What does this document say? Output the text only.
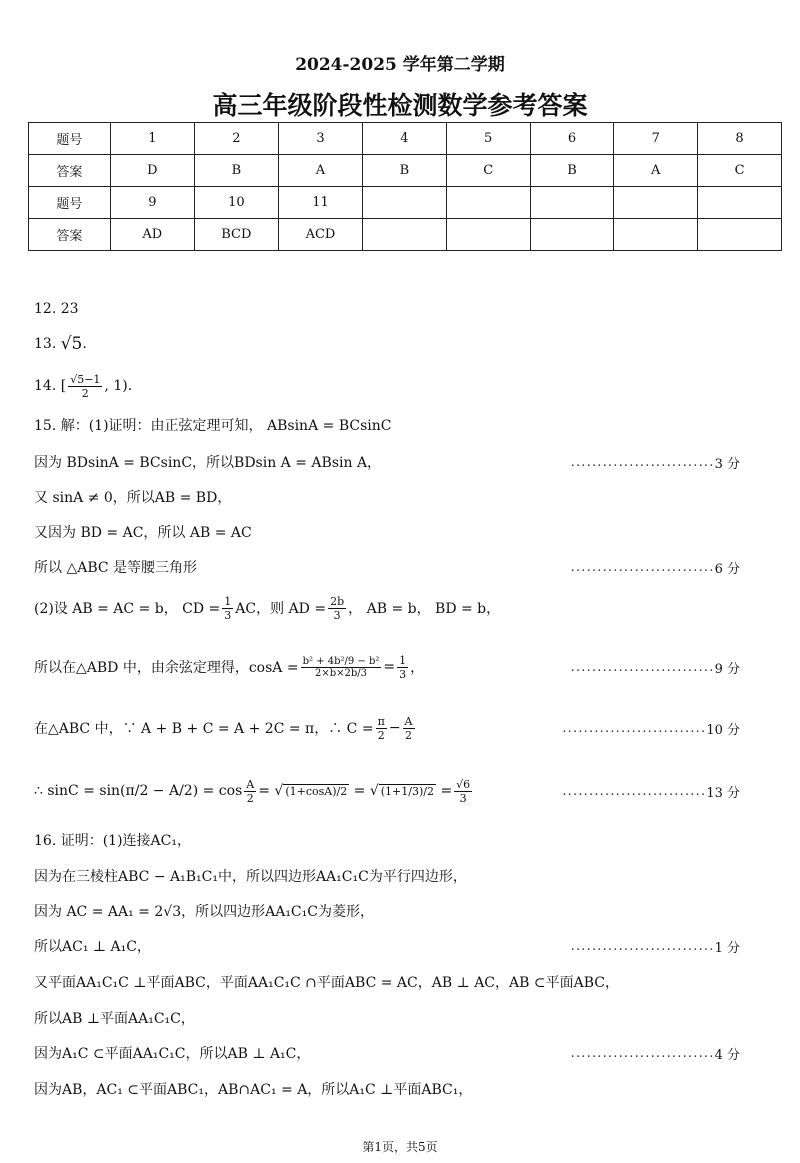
2024-2025 学年第二学期
高三年级阶段性检测数学参考答案
题号	1	2	3	4	5	6	7	8
答案	D	B	A	B	C	B	A	C
题号	9	10	11					
答案	AD	BCD	ACD					
12. 23
13.
√5 .
14. [ $\frac{√5-1}{2}$ , 1).
15. 解：(1)证明：由正弦定理可知， ABsinA = BCsinC
因为 BDsinA = BCsinC，所以BDsin A = ABsin A，	........................... 3 分
又 sinA ≠ 0，所以AB = BD，
又因为 BD = AC，所以 AB = AC
所以 △ABC 是等腰三角形	........................... 6 分
(2)设 AB = AC = b， CD = $\frac{1}{3}$ AC，则 AD = $\frac{2b}{3}$ ， AB = b， BD = b，
所以在△ABD 中，由余弦定理得，$\cos A = \frac{\text{b² + 4b²/9 − b²}}{2\times b\times 2b/3} = \frac{1}{3}$ ，	........................... 9 分
在△ABC 中，∵ A + B + C = A + 2C = π，∴ $C = \frac{\pi}{2} - \frac{A}{2}$	........................... 10 分
∴ $\sin C = \sin(\pi/2 - A/2) = \cos \frac{A}{2}$ = √ (1+cosA)/2
= √ (1+1/3)/2
= $\frac{√6}{3}$	........................... 13 分
16. 证明：(1)连接AC₁，
因为在三棱柱ABC − A₁B₁C₁中，所以四边形AA₁C₁C为平行四边形，
因为 AC = AA₁ = 2√3，所以四边形AA₁C₁C为菱形，
所以AC₁ ⊥ A₁C，	........................... 1 分
又平面AA₁C₁C ⊥平面ABC，平面AA₁C₁C ∩平面ABC = AC，AB ⊥ AC，AB ⊂平面ABC，
所以AB ⊥平面AA₁C₁C，
因为A₁C ⊂平面AA₁C₁C，所以AB ⊥ A₁C，	........................... 4 分
因为AB，AC₁ ⊂平面ABC₁，AB∩AC₁ = A，所以A₁C ⊥平面ABC₁，
第1页，共5页
